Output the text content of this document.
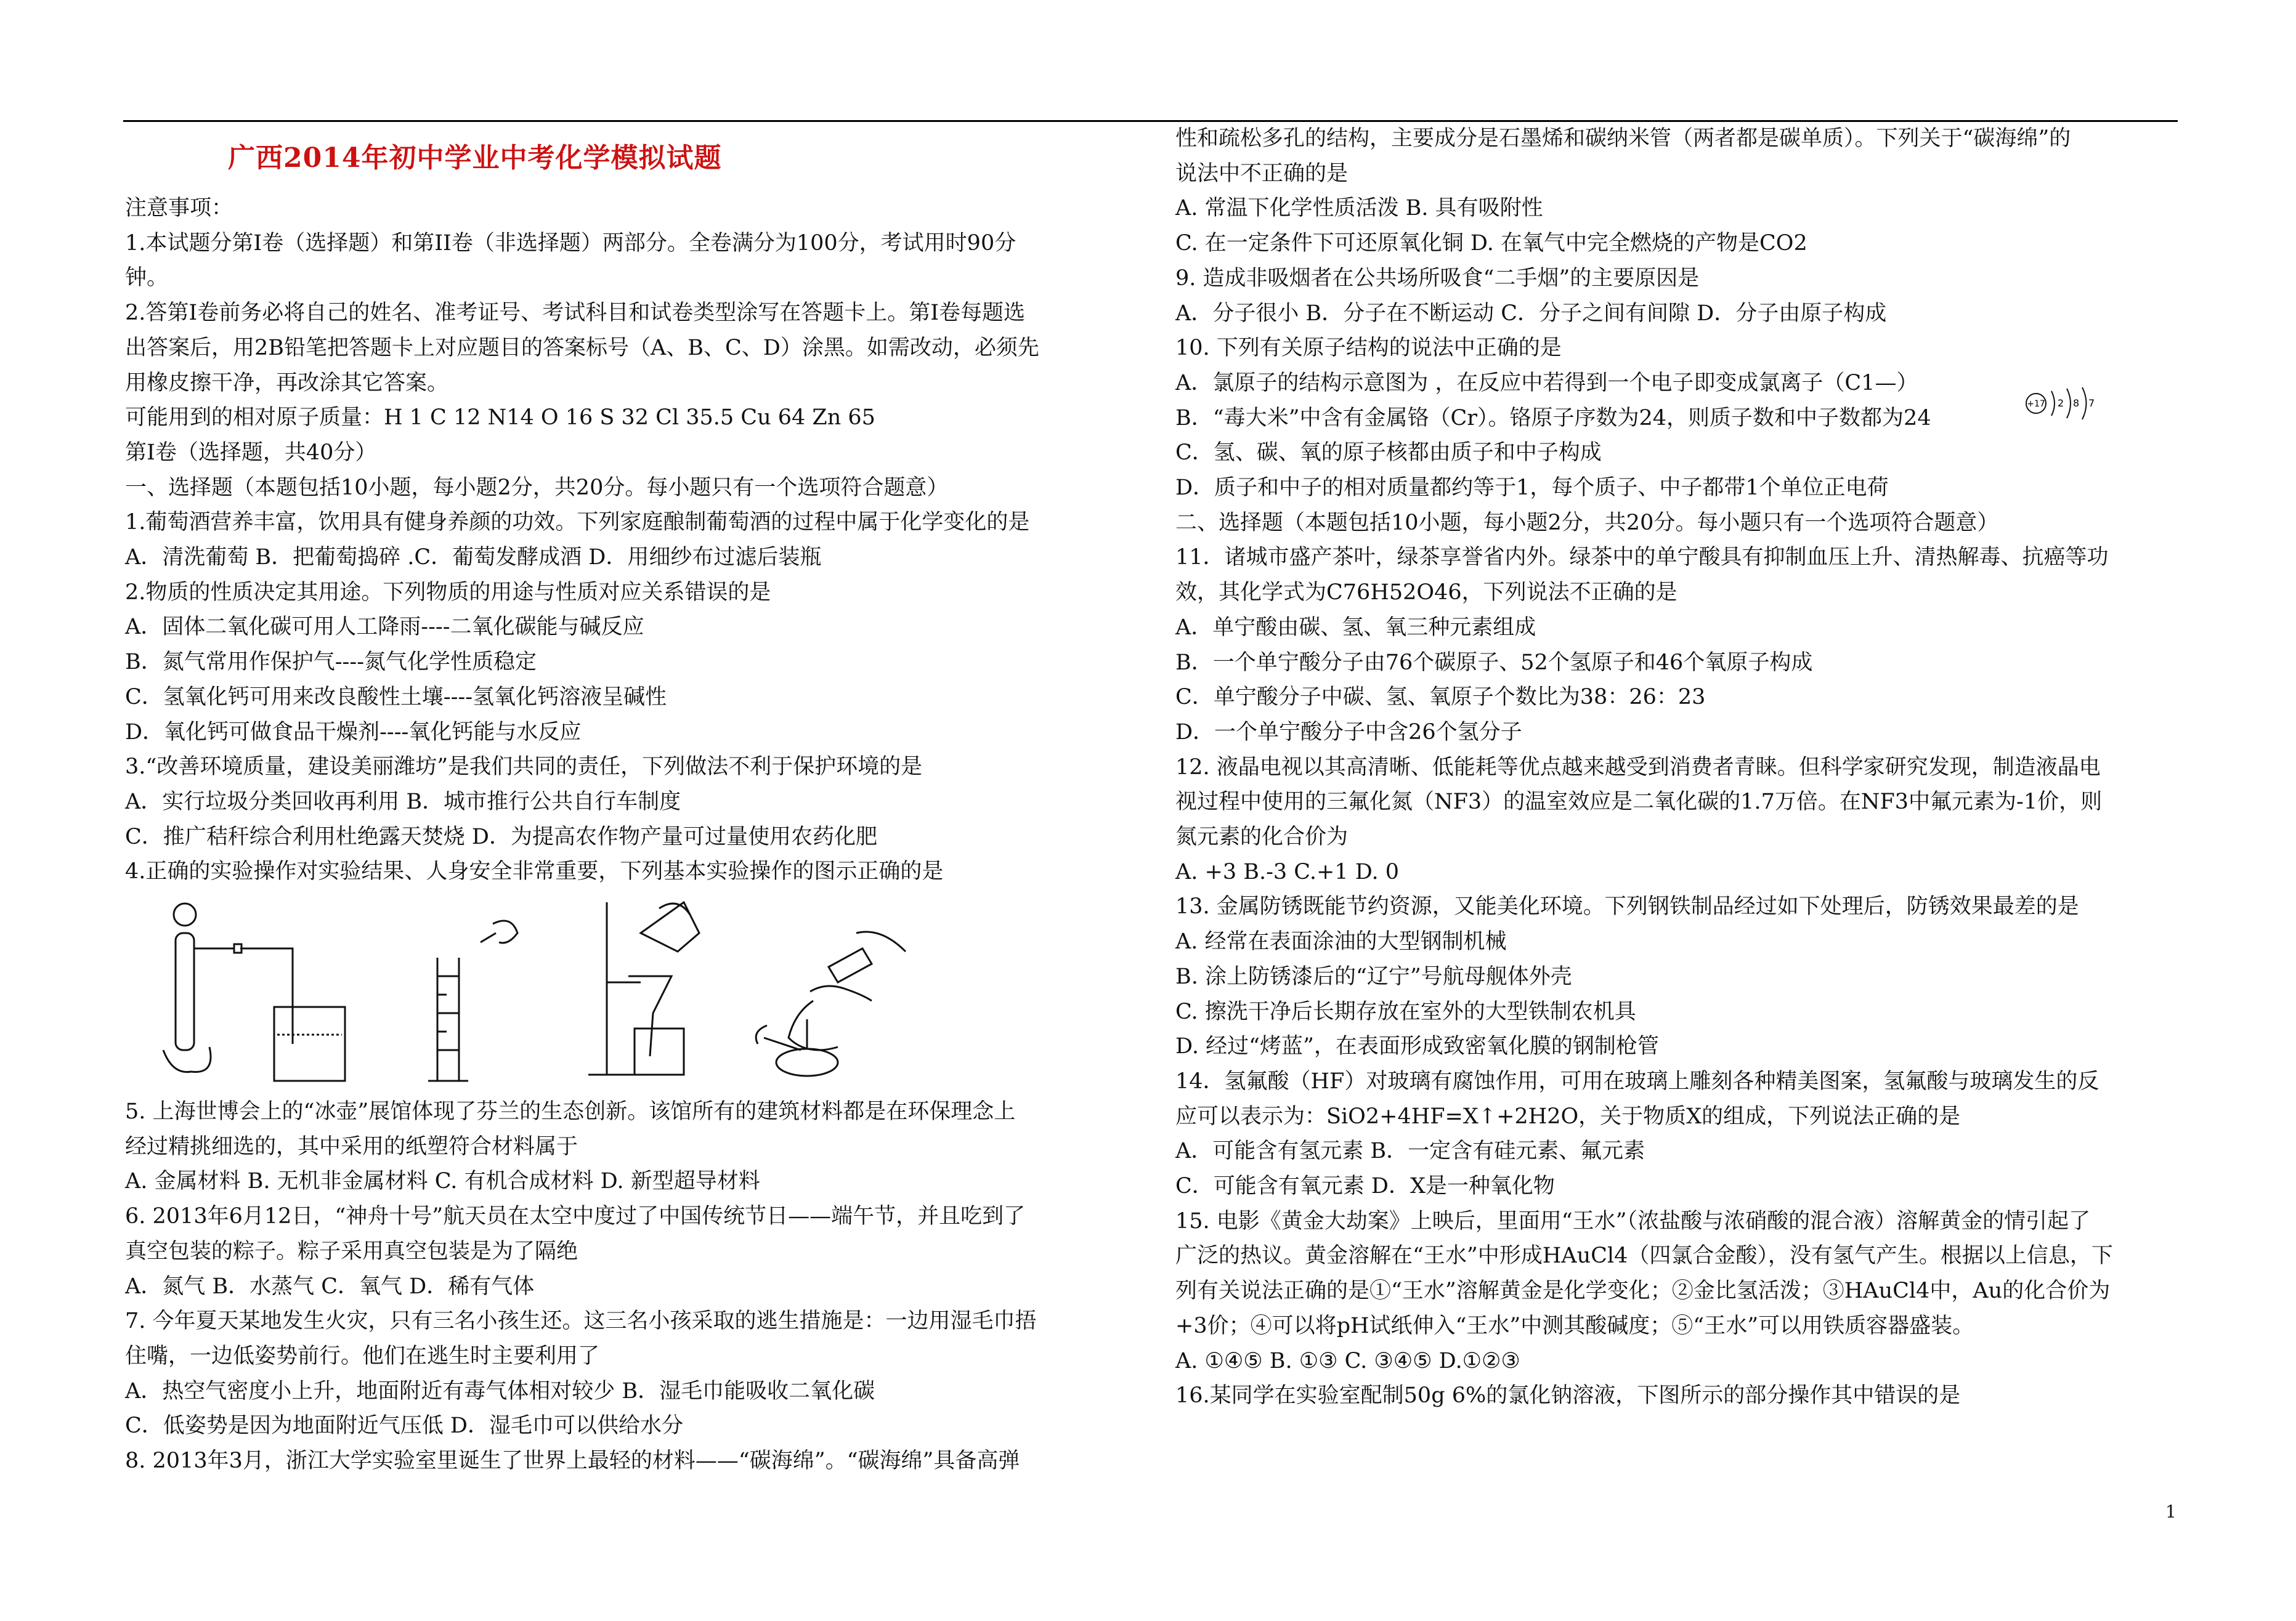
广西2014年初中学业中考化学模拟试题
注意事项：
1.本试题分第I卷（选择题）和第II卷（非选择题）两部分。全卷满分为100分，考试用时90分
钟。
2.答第I卷前务必将自己的姓名、准考证号、考试科目和试卷类型涂写在答题卡上。第I卷每题选
出答案后，用2B铅笔把答题卡上对应题目的答案标号（A、B、C、D）涂黑。如需改动，必须先
用橡皮擦干净，再改涂其它答案。
可能用到的相对原子质量：H 1 C 12 N14 O 16 S 32 Cl 35.5 Cu 64 Zn 65
第I卷（选择题，共40分）
一、选择题（本题包括10小题，每小题2分，共20分。每小题只有一个选项符合题意）
1.葡萄酒营养丰富，饮用具有健身养颜的功效。下列家庭酿制葡萄酒的过程中属于化学变化的是
A．清洗葡萄 B．把葡萄捣碎 .C．葡萄发酵成酒 D．用细纱布过滤后装瓶
2.物质的性质决定其用途。下列物质的用途与性质对应关系错误的是
A．固体二氧化碳可用人工降雨----二氧化碳能与碱反应
B．氮气常用作保护气----氮气化学性质稳定
C．氢氧化钙可用来改良酸性土壤----氢氧化钙溶液呈碱性
D．氧化钙可做食品干燥剂----氧化钙能与水反应
3.“改善环境质量，建设美丽潍坊”是我们共同的责任，下列做法不利于保护环境的是
A．实行垃圾分类回收再利用 B．城市推行公共自行车制度
C．推广秸秆综合利用杜绝露天焚烧 D．为提高农作物产量可过量使用农药化肥
4.正确的实验操作对实验结果、人身安全非常重要，下列基本实验操作的图示正确的是
5. 上海世博会上的“冰壶”展馆体现了芬兰的生态创新。该馆所有的建筑材料都是在环保理念上
经过精挑细选的，其中采用的纸塑符合材料属于
A. 金属材料 B. 无机非金属材料 C. 有机合成材料 D. 新型超导材料
6. 2013年6月12日，“神舟十号”航天员在太空中度过了中国传统节日——端午节，并且吃到了
真空包装的粽子。粽子采用真空包装是为了隔绝
A．氮气 B．水蒸气 C．氧气 D．稀有气体
7. 今年夏天某地发生火灾，只有三名小孩生还。这三名小孩采取的逃生措施是：一边用湿毛巾捂
住嘴，一边低姿势前行。他们在逃生时主要利用了
A．热空气密度小上升，地面附近有毒气体相对较少 B．湿毛巾能吸收二氧化碳
C．低姿势是因为地面附近气压低 D．湿毛巾可以供给水分
8. 2013年3月，浙江大学实验室里诞生了世界上最轻的材料——“碳海绵”。“碳海绵”具备高弹
性和疏松多孔的结构，主要成分是石墨烯和碳纳米管（两者都是碳单质）。下列关于“碳海绵”的
说法中不正确的是
A. 常温下化学性质活泼 B. 具有吸附性
C. 在一定条件下可还原氧化铜 D. 在氧气中完全燃烧的产物是CO2
9. 造成非吸烟者在公共场所吸食“二手烟”的主要原因是
A．分子很小 B．分子在不断运动 C．分子之间有间隙 D．分子由原子构成
10. 下列有关原子结构的说法中正确的是
A．氯原子的结构示意图为 ，在反应中若得到一个电子即变成氯离子（C1—）
B．“毒大米”中含有金属铬（Cr）。铬原子序数为24，则质子数和中子数都为24
C．氢、碳、氧的原子核都由质子和中子构成
D．质子和中子的相对质量都约等于1，每个质子、中子都带1个单位正电荷
二、选择题（本题包括10小题，每小题2分，共20分。每小题只有一个选项符合题意）
11．诸城市盛产茶叶，绿茶享誉省内外。绿茶中的单宁酸具有抑制血压上升、清热解毒、抗癌等功
效，其化学式为C76H52O46，下列说法不正确的是
A．单宁酸由碳、氢、氧三种元素组成
B．一个单宁酸分子由76个碳原子、52个氢原子和46个氧原子构成
C．单宁酸分子中碳、氢、氧原子个数比为38：26：23
D．一个单宁酸分子中含26个氢分子
12. 液晶电视以其高清晰、低能耗等优点越来越受到消费者青睐。但科学家研究发现，制造液晶电
视过程中使用的三氟化氮（NF3）的温室效应是二氧化碳的1.7万倍。在NF3中氟元素为-1价，则
氮元素的化合价为
A. +3 B.-3 C.+1 D. 0
13. 金属防锈既能节约资源，又能美化环境。下列钢铁制品经过如下处理后，防锈效果最差的是
A. 经常在表面涂油的大型钢制机械
B. 涂上防锈漆后的“辽宁”号航母舰体外壳
C. 擦洗干净后长期存放在室外的大型铁制农机具
D. 经过“烤蓝”，在表面形成致密氧化膜的钢制枪管
14．氢氟酸（HF）对玻璃有腐蚀作用，可用在玻璃上雕刻各种精美图案，氢氟酸与玻璃发生的反
应可以表示为：SiO2+4HF=X↑+2H2O，关于物质X的组成，下列说法正确的是
A．可能含有氢元素 B．一定含有硅元素、氟元素
C．可能含有氧元素 D．X是一种氧化物
15. 电影《黄金大劫案》上映后，里面用“王水”（浓盐酸与浓硝酸的混合液）溶解黄金的情引起了
广泛的热议。黄金溶解在“王水”中形成HAuCl4（四氯合金酸），没有氢气产生。根据以上信息，下
列有关说法正确的是①“王水”溶解黄金是化学变化；②金比氢活泼；③HAuCl4中，Au的化合价为
+3价；④可以将pH试纸伸入“王水”中测其酸碱度；⑤“王水”可以用铁质容器盛装。
A. ①④⑤ B. ①③ C. ③④⑤ D.①②③
16.某同学在实验室配制50g 6%的氯化钠溶液，下图所示的部分操作其中错误的是
+17 2 8 7
1
